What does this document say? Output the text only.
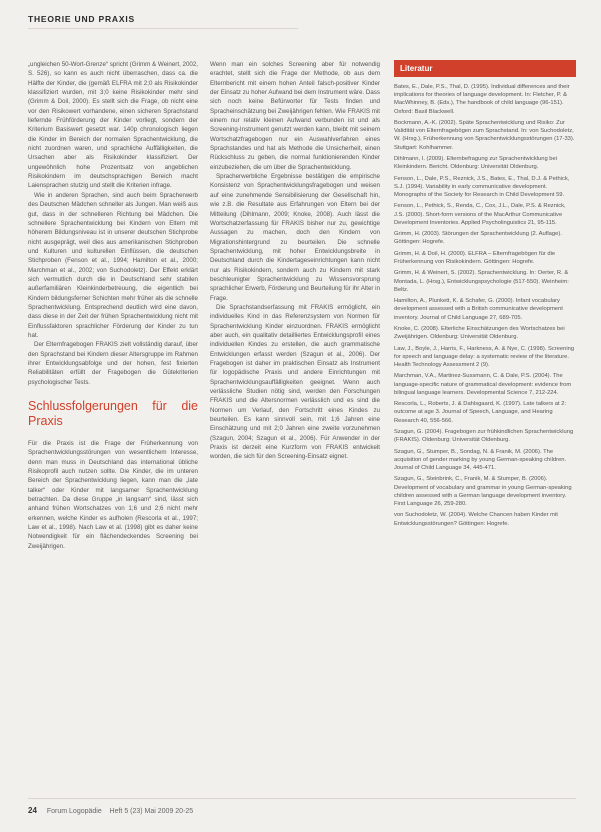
THEORIE UND PRAXIS

„ungleichen 50-Wort-Grenze“ spricht (Grimm & Weinert, 2002, S. 526), so kann es auch nicht überraschen, dass ca. die Hälfte der Kinder, die (gemäß ELFRA mit 2;0 als Risikokinder klassifiziert wurden, mit 3;0 keine Risikokinder mehr sind (Grimm & Doil, 2000). Es stellt sich die Frage, ob nicht eine vor den Risikowert vorhandene, einen sicheren Sprachstand liefernde Frühförderung der Kinder vorliegt, sondern der Kriterium Basiswert gesetzt war. 140p chronologisch liegen die Kinder im Bereich der normalen Sprachentwicklung, die nicht zuordnen waren, und sprachliche Auffälligkeiten, die Ursachen aber als Risikokinder klassifiziert. Der ungewöhnlich hohe Prozentsatz von angeblichen Risikokindern im deutschsprachigen Bereich macht Laiensprachen stutzig und stellt die Kriterien infrage.

Wie in anderen Sprachen, sind auch beim Spracherwerb des Deutschen Mädchen schneller als Jungen. Man weiß aus gut, dass in der schnelleren Richtung bei Mädchen. Die schnellere Sprachentwicklung bei Kindern von Eltern mit höherem Bildungsniveau ist in unserer deutschen Stichprobe nicht ausgeprägt, weil dies aus amerikanischen Stichproben und Kulturen und kulturellen Einflüssen, die deutschen Stichproben (Fenson et al., 1994; Hamilton et al., 2000; Marchman et al., 2002; von Suchodoletz). Der Effekt erklärt sich vermutlich durch die in Deutschland sehr stabilen außerfamiliären Kleinkinderbetreuung, die eigentlich bei Kindern bildungsferner Schichten mehr früher als die schnelle Sprachentwicklung. Entsprechend deutlich wird eine davon, dass diese in der Zeit der frühen Sprachentwicklung nicht mit Einflussfaktoren sprachlicher Förderung der Kinder zu tun hat.

Der Elternfragebogen FRAKIS zielt vollständig darauf, über den Sprachstand bei Kindern dieser Altersgruppe im Rahmen ihrer Entwicklungsabfolge und der hohen, fest fixierten Reliabilitäten erfüllt der Fragebogen die Gütekriterien psychologischer Tests.

Schlussfolgerungen für die Praxis

Für die Praxis ist die Frage der Früherkennung von Sprachentwicklungsstörungen von wesentlichem Interesse, denn man muss in Deutschland das international übliche Risikoprofil auch nutzen sollte. Die Kinder, die im unteren Bereich der Sprachentwicklung liegen, kann man die „late talker“ oder Kinder mit langsamer Sprachentwicklung betrachten. Da diese Gruppe „in langsam“ sind, lässt sich anhand frühen Wortschatzes von 1;6 und 2;6 nicht mehr erkennen, welche Kinder es aufholen (Rescorla et al., 1997; Law et al., 1998). Nach Law et al. (1998) gibt es daher keine Notwendigkeit für ein flächendeckendes Screening bei Zweijährigen.

Wenn man ein solches Screening aber für notwendig erachtet, stellt sich die Frage der Methode, ob aus dem Elternbericht mit einem hohen Anteil falsch-positiver Kinder der Einsatz zu hoher Aufwand bei dem Instrument wäre. Dass sich noch keine Befürworter für Tests finden und Spracheinschätzung bei Zweijährigen fehlen. Wie FRAKIS mit einem nur relativ kleinen Aufwand verbunden ist und als Screening-Instrument genutzt werden kann, bleibt mit seinem Wortschatzfragebogen nur ein Auswahlverfahren eines Sprachstandes und hat als Methode die Unsicherheit, einen Rückschluss zu geben, die normal funktionierenden Kinder einzubeziehen, die um über die Sprachentwicklung.

Spracherwerbliche Ergebnisse bestätigen die empirische Konsistenz von Sprachentwicklungsfragebogen und weisen auf eine zunehmende Sensibilisierung der Gesellschaft hin, wie z.B. die Resultate aus Erfahrungen von Eltern bei der Mitteilung (Dihlmann, 2009; Knoke, 2008). Auch lässt die Wortschatzerfassung für FRAKIS bisher nur zu, gewichtige Aussagen zu machen, doch den Kindern von Migrationshintergrund zu beurteilen. Die schnelle Sprachentwicklung, mit hoher Entwicklungsbreite in Deutschland durch die Kindertageseinrichtungen kann nicht nur als Risikokindern, sondern auch zu Kindern mit stark beschleunigter Sprachentwicklung zu Wissensvorsprung sprachlicher Erwerb, Förderung und Beurteilung für ihr Alter in Frage.

Die Sprachstandserfassung mit FRAKIS ermöglicht, ein individuelles Kind in das Referenzsystem von Normen für Sprachentwicklung Kinder einzuordnen. FRAKIS ermöglicht aber auch, ein qualitativ detailliertes Entwicklungsprofil eines individuellen Kindes zu erstellen, die auch grammatische Entwicklungen erfasst werden (Szagun et al., 2006). Der Fragebogen ist daher im praktischen Einsatz als Instrument für logopädische Praxis und andere Einrichtungen mit Sprachentwicklungsauffälligkeiten geeignet. Wenn auch verlässliche Studien nötig sind, werden den Forschungen FRAKIS und die Altersnormen verlässlich und es sind die Normen um Verlauf, den Fortschritt eines Kindes zu beurteilen. Es kann sinnvoll sein, mit 1;6 Jahren eine Einschätzung und mit 2;0 Jahren eine zweite vorzunehmen (Szagun, 2004; Szagun et al., 2006). Für Anwender in der Praxis ist derzeit eine Kurzform von FRAKIS entwickelt worden, die sich für den Screening-Einsatz eignet.

Literatur

Bates, E., Dale, P.S., Thal, D. (1995). Individual differences and their implications for theories of language development. In: Fletcher, P. & MacWhinney, B. (Eds.), The handbook of child language (96-151). Oxford: Basil Blackwell.

Bockmann, A.-K. (2002). Späte Sprachentwicklung und Risiko: Zur Validität von Elternfragebögen zum Sprachstand. In: von Suchodoletz, W. (Hrsg.), Früherkennung von Sprachentwicklungsstörungen (17-33). Stuttgart: Kohlhammer.

Dihlmann, I. (2009). Elternbefragung zur Sprachentwicklung bei Kleinkindern. Bericht. Oldenburg: Universität Oldenburg.

Fenson, L., Dale, P.S., Reznick, J.S., Bates, E., Thal, D.J. & Pethick, S.J. (1994). Variability in early communicative development. Monographs of the Society for Research in Child Development 59.

Fenson, L., Pethick, S., Renda, C., Cox, J.L., Dale, P.S. & Reznick, J.S. (2000). Short-form versions of the MacArthur Communicative Development Inventories. Applied Psycholinguistics 21, 95-115.

Grimm, H. (2003). Störungen der Sprachentwicklung (2. Auflage). Göttingen: Hogrefe.

Grimm, H. & Doil, H. (2000). ELFRA – Elternfragebögen für die Früherkennung von Risikokindern. Göttingen: Hogrefe.

Grimm, H. & Weinert, S. (2002). Sprachentwicklung. In: Oerter, R. & Montada, L. (Hrsg.), Entwicklungspsychologie (517-550). Weinheim: Beltz.

Hamilton, A., Plunkett, K. & Schafer, G. (2000). Infant vocabulary development assessed with a British communicative development inventory. Journal of Child Language 27, 689-705.

Knoke, C. (2008). Elterliche Einschätzungen des Wortschatzes bei Zweijährigen. Oldenburg: Universität Oldenburg.

Law, J., Boyle, J., Harris, F., Harkness, A. & Nye, C. (1998). Screening for speech and language delay: a systematic review of the literature. Health Technology Assessment 2 (9).

Marchman, V.A., Martinez-Sussmann, C. & Dale, P.S. (2004). The language-specific nature of grammatical development: evidence from bilingual language learners. Developmental Science 7, 212-224.

Rescorla, L., Roberts, J. & Dahlsgaard, K. (1997). Late talkers at 2: outcome at age 3. Journal of Speech, Language, and Hearing Research 40, 556-566.

Szagun, G. (2004). Fragebogen zur frühkindlichen Sprachentwicklung (FRAKIS). Oldenburg: Universität Oldenburg.

Szagun, G., Stumper, B., Sondag, N. & Franik, M. (2006). The acquisition of gender marking by young German-speaking children. Journal of Child Language 34, 445-471.

Szagun, G., Steinbrink, C., Franik, M. & Stumper, B. (2006). Development of vocabulary and grammar in young German-speaking children assessed with a German language development inventory. First Language 26, 259-280.

von Suchodoletz, W. (2004). Welche Chancen haben Kinder mit Entwicklungsstörungen? Göttingen: Hogrefe.

24 Forum Logopädie Heft 5 (23) Mai 2009 20-25
